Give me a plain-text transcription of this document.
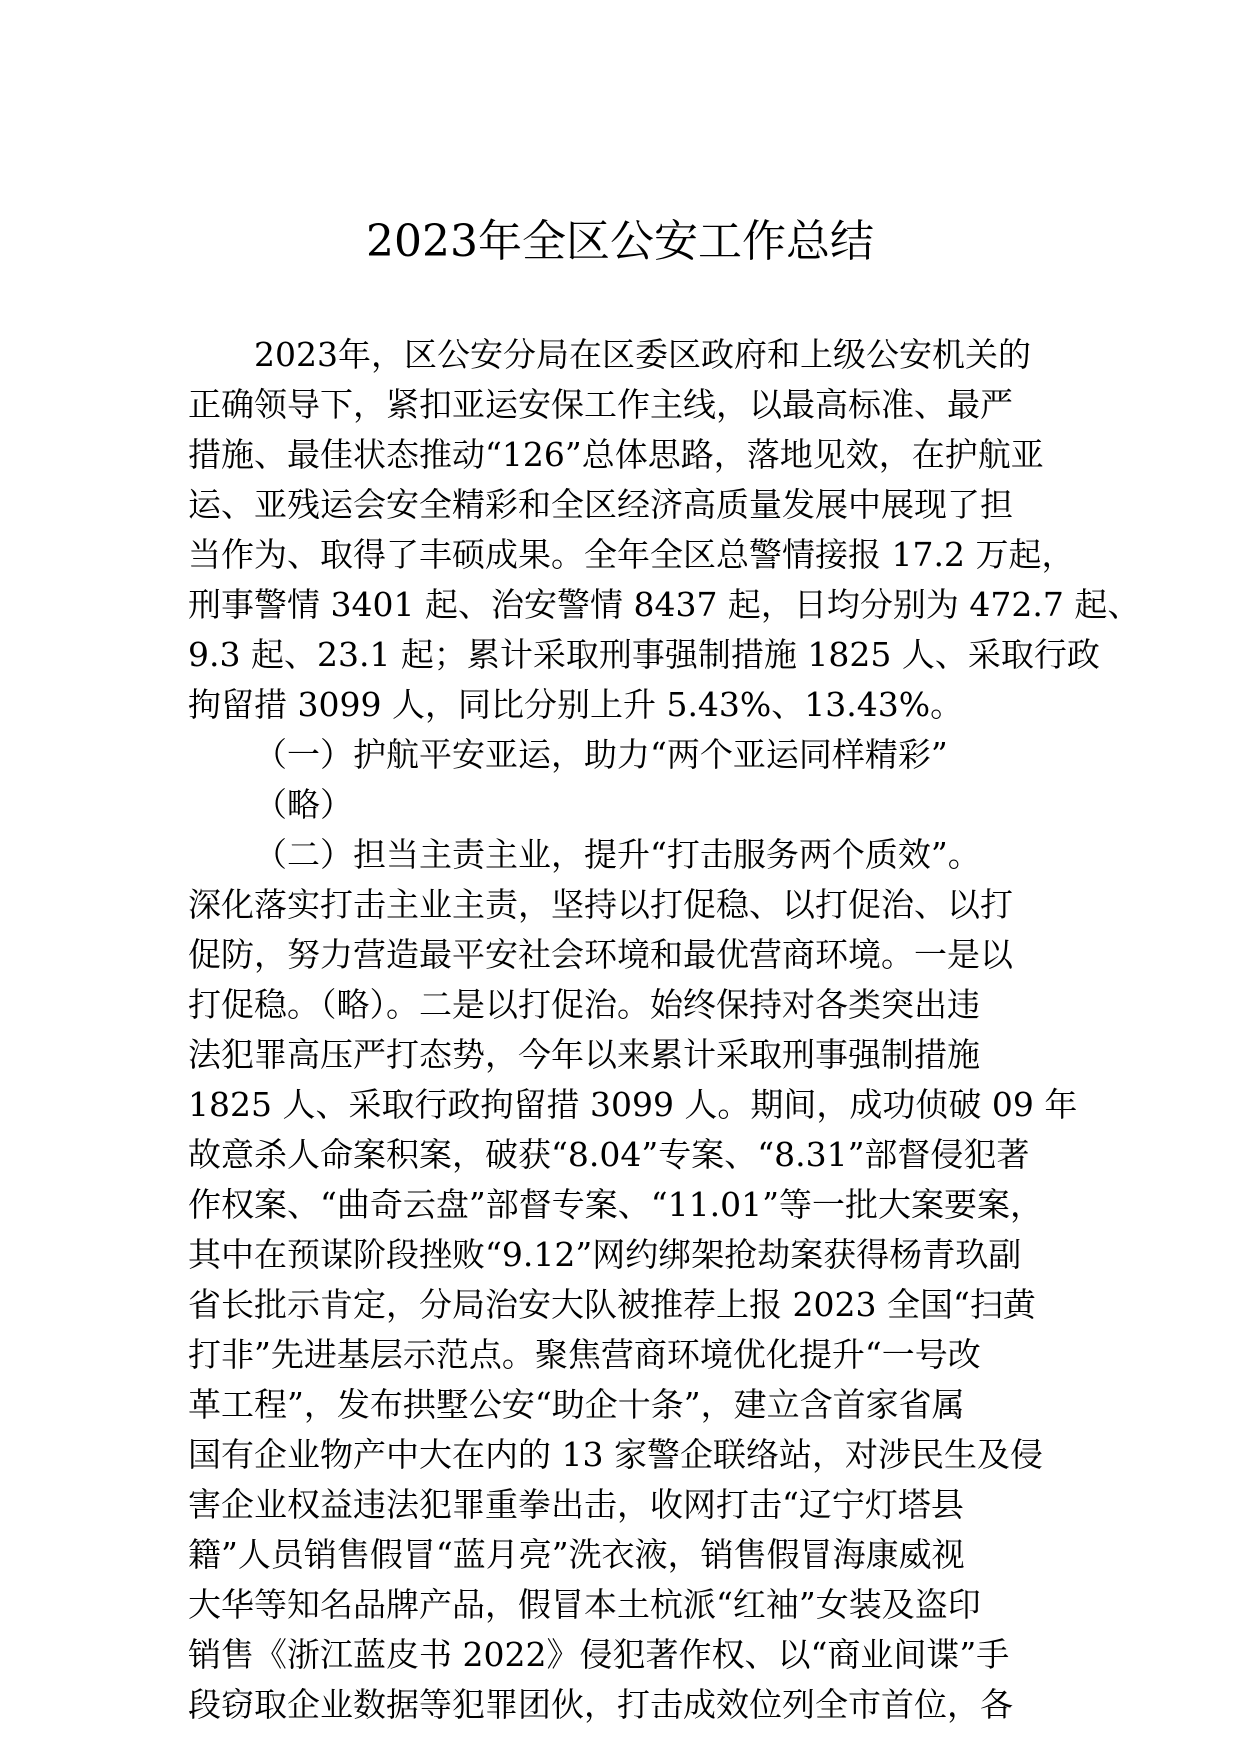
2023年全区公安工作总结
2023年，区公安分局在区委区政府和上级公安机关的
正确领导下，紧扣亚运安保工作主线，以最高标准、最严
措施、最佳状态推动“126”总体思路，落地见效，在护航亚
运、亚残运会安全精彩和全区经济高质量发展中展现了担
当作为、取得了丰硕成果。全年全区总警情接报 17.2 万起，
刑事警情 3401 起、治安警情 8437 起，日均分别为 472.7 起、
9.3 起、23.1 起；累计采取刑事强制措施 1825 人、采取行政
拘留措 3099 人，同比分别上升 5.43%、13.43%。
（一）护航平安亚运，助力“两个亚运同样精彩”
（略）
（二）担当主责主业，提升“打击服务两个质效”。
深化落实打击主业主责，坚持以打促稳、以打促治、以打
促防，努力营造最平安社会环境和最优营商环境。一是以
打促稳。（略）。二是以打促治。始终保持对各类突出违
法犯罪高压严打态势，今年以来累计采取刑事强制措施
1825 人、采取行政拘留措 3099 人。期间，成功侦破 09 年
故意杀人命案积案，破获“8.04”专案、“8.31”部督侵犯著
作权案、“曲奇云盘”部督专案、“11.01”等一批大案要案，
其中在预谋阶段挫败“9.12”网约绑架抢劫案获得杨青玖副
省长批示肯定，分局治安大队被推荐上报 2023 全国“扫黄
打非”先进基层示范点。聚焦营商环境优化提升“一号改
革工程”，发布拱墅公安“助企十条”，建立含首家省属
国有企业物产中大在内的 13 家警企联络站，对涉民生及侵
害企业权益违法犯罪重拳出击，收网打击“辽宁灯塔县
籍”人员销售假冒“蓝月亮”洗衣液，销售假冒海康威视
大华等知名品牌产品，假冒本土杭派“红袖”女装及盗印
销售《浙江蓝皮书 2022》侵犯著作权、以“商业间谍”手
段窃取企业数据等犯罪团伙，打击成效位列全市首位，各
